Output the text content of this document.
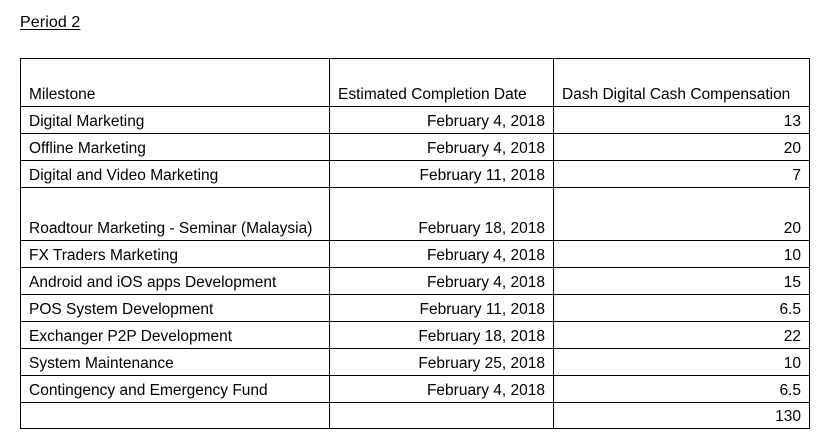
Period 2
Milestone	Estimated Completion Date	Dash Digital Cash Compensation
Digital Marketing	February 4, 2018	13
Offline Marketing	February 4, 2018	20
Digital and Video Marketing	February 11, 2018	7
Roadtour Marketing - Seminar (Malaysia)	February 18, 2018	20
FX Traders Marketing	February 4, 2018	10
Android and iOS apps Development	February 4, 2018	15
POS System Development	February 11, 2018	6.5
Exchanger P2P Development	February 18, 2018	22
System Maintenance	February 25, 2018	10
Contingency and Emergency Fund	February 4, 2018	6.5
		130
